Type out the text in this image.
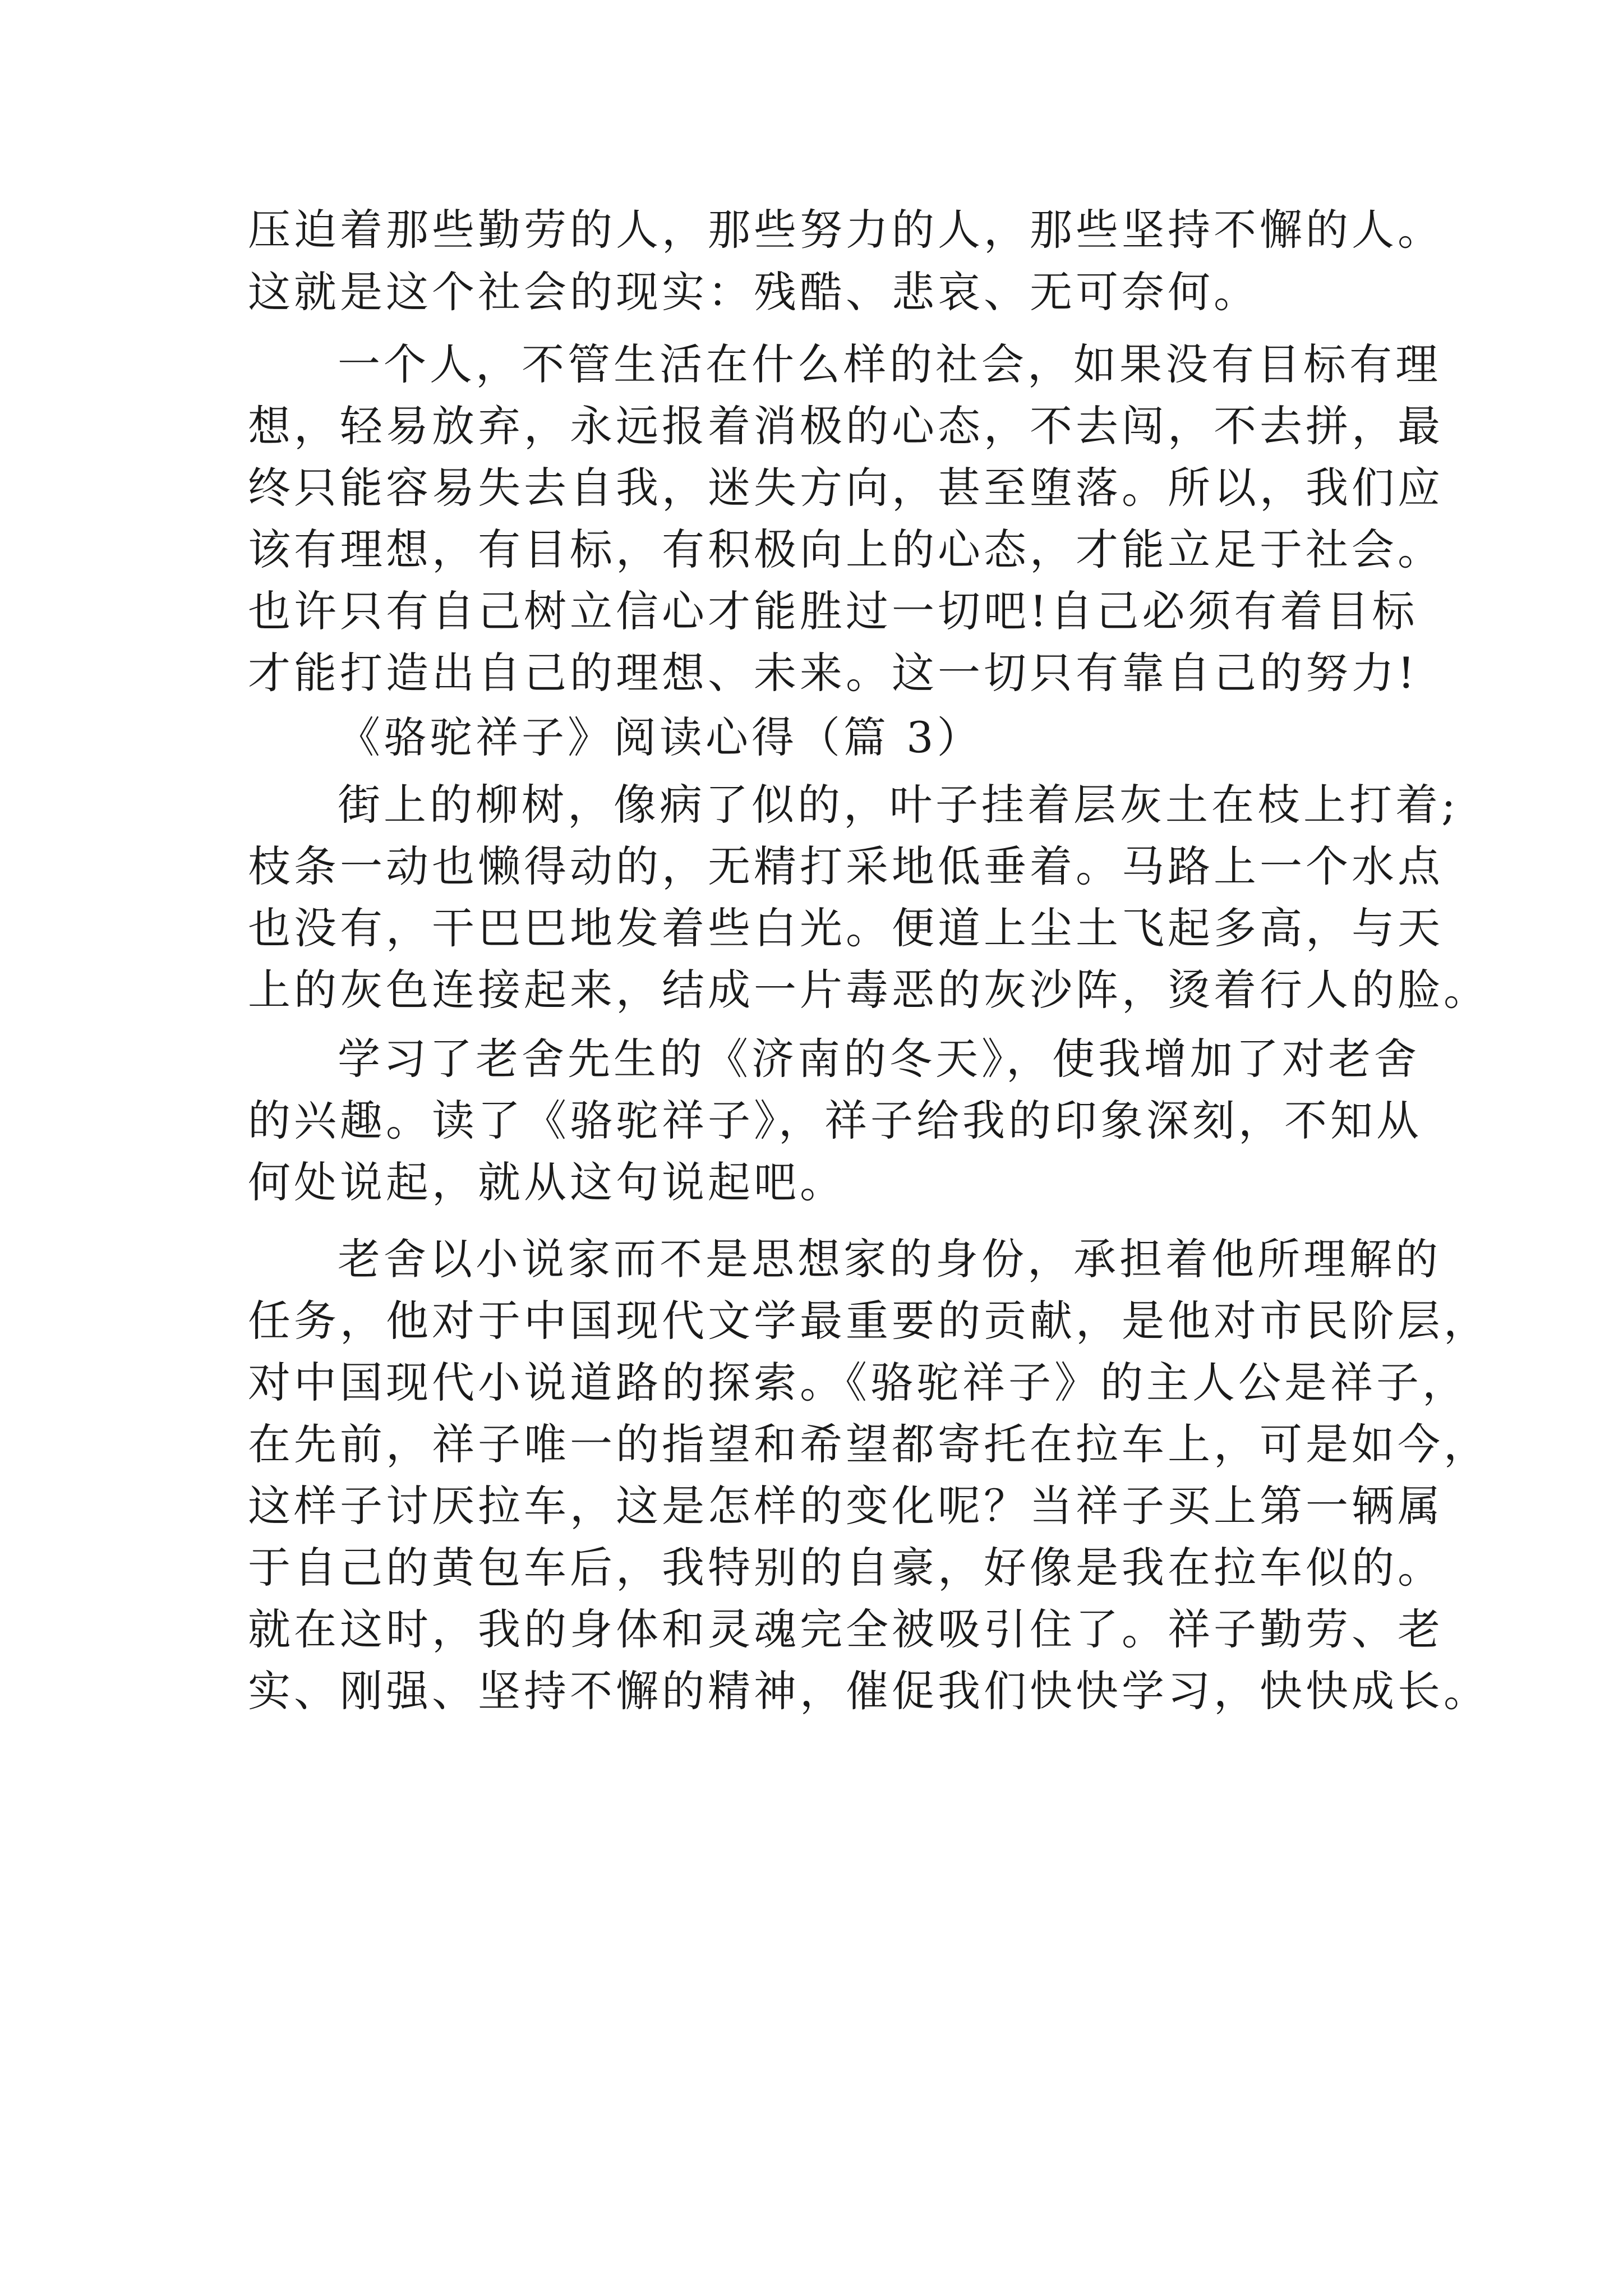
压迫着那些勤劳的人，那些努力的人，那些坚持不懈的人。
这就是这个社会的现实：残酷、悲哀、无可奈何。
一个人，不管生活在什么样的社会，如果没有目标有理
想，轻易放弃，永远报着消极的心态，不去闯，不去拼，最
终只能容易失去自我，迷失方向，甚至堕落。所以，我们应
该有理想，有目标，有积极向上的心态，才能立足于社会。
也许只有自己树立信心才能胜过一切吧!自己必须有着目标
才能打造出自己的理想、未来。这一切只有靠自己的努力!
《骆驼祥子》阅读心得（篇 3）
街上的柳树，像病了似的，叶子挂着层灰土在枝上打着;
枝条一动也懒得动的，无精打采地低垂着。马路上一个水点
也没有，干巴巴地发着些白光。便道上尘土飞起多高，与天
上的灰色连接起来，结成一片毒恶的灰沙阵，烫着行人的脸。
学习了老舍先生的《济南的冬天》，使我增加了对老舍
的兴趣。读了《骆驼祥子》，祥子给我的印象深刻，不知从
何处说起，就从这句说起吧。
老舍以小说家而不是思想家的身份，承担着他所理解的
任务，他对于中国现代文学最重要的贡献，是他对市民阶层，
对中国现代小说道路的探索。《骆驼祥子》的主人公是祥子，
在先前，祥子唯一的指望和希望都寄托在拉车上，可是如今，
这样子讨厌拉车，这是怎样的变化呢？当祥子买上第一辆属
于自己的黄包车后，我特别的自豪，好像是我在拉车似的。
就在这时，我的身体和灵魂完全被吸引住了。祥子勤劳、老
实、刚强、坚持不懈的精神，催促我们快快学习，快快成长。
